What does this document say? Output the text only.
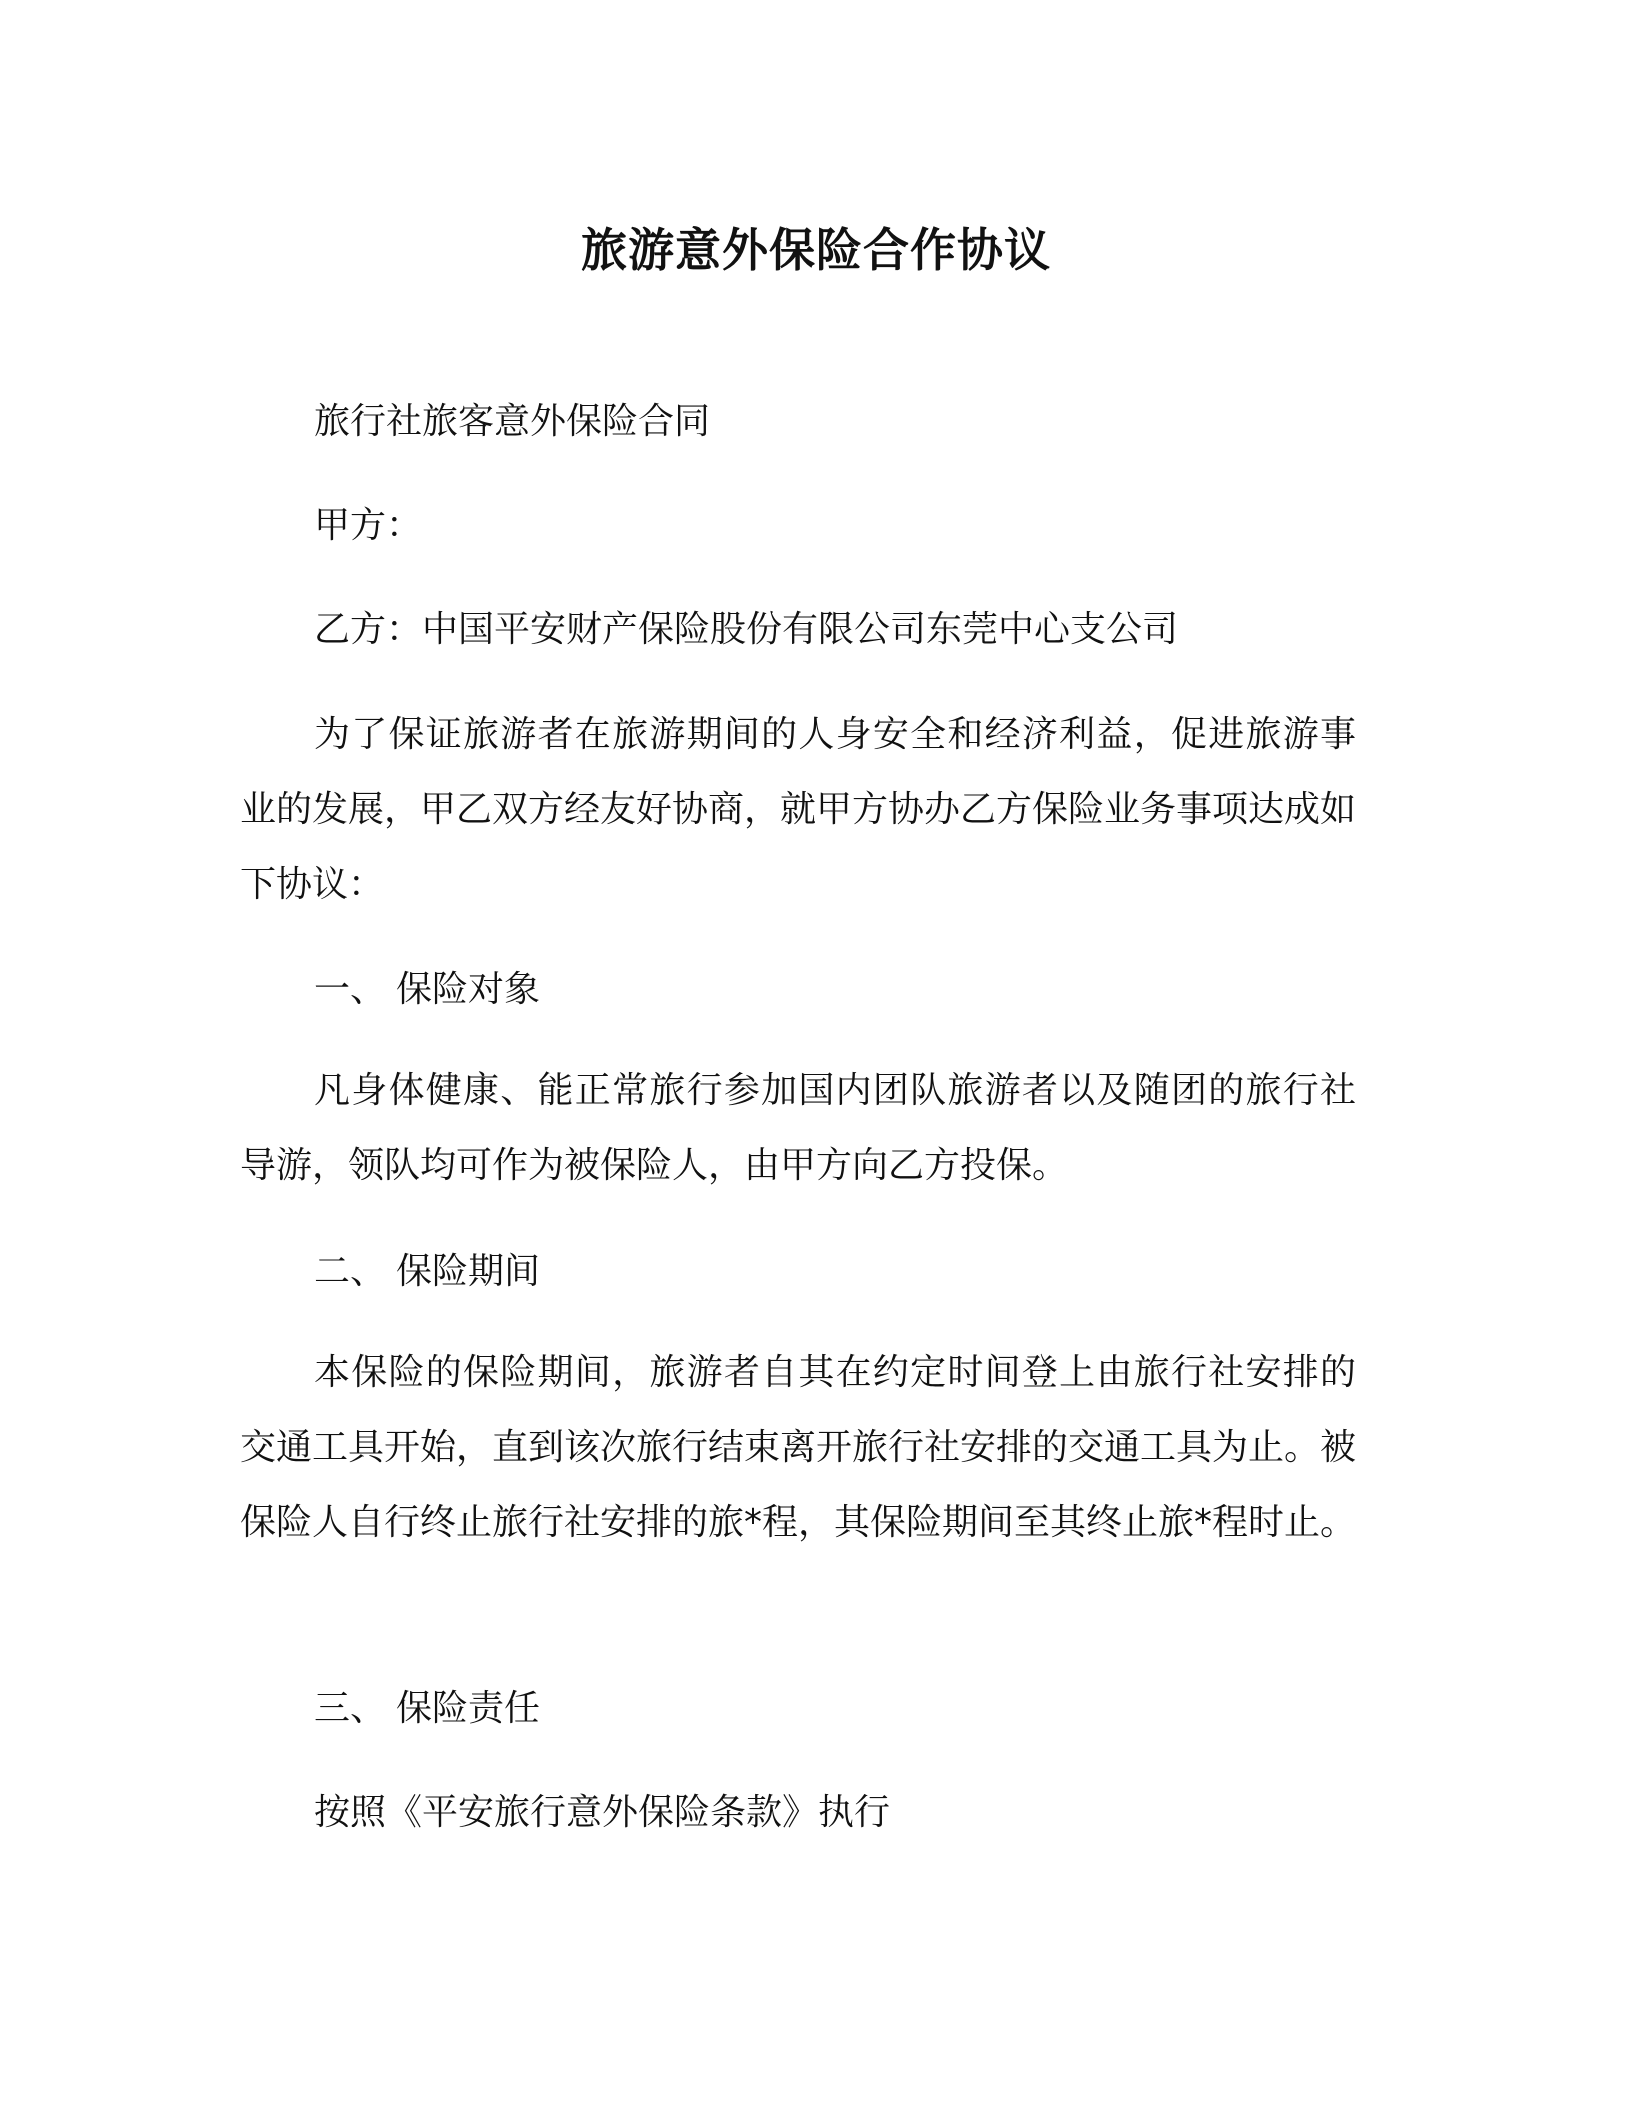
旅游意外保险合作协议
旅行社旅客意外保险合同
甲方：
乙方：中国平安财产保险股份有限公司东莞中心支公司
为了保证旅游者在旅游期间的人身安全和经济利益，促进旅游事业的发展，甲乙双方经友好协商，就甲方协办乙方保险业务事项达成如下协议：
一、 保险对象
凡身体健康、能正常旅行参加国内团队旅游者以及随团的旅行社导游，领队均可作为被保险人，由甲方向乙方投保。
二、 保险期间
本保险的保险期间，旅游者自其在约定时间登上由旅行社安排的交通工具开始，直到该次旅行结束离开旅行社安排的交通工具为止。被保险人自行终止旅行社安排的旅*程，其保险期间至其终止旅*程时止。
三、 保险责任
按照《平安旅行意外保险条款》执行
